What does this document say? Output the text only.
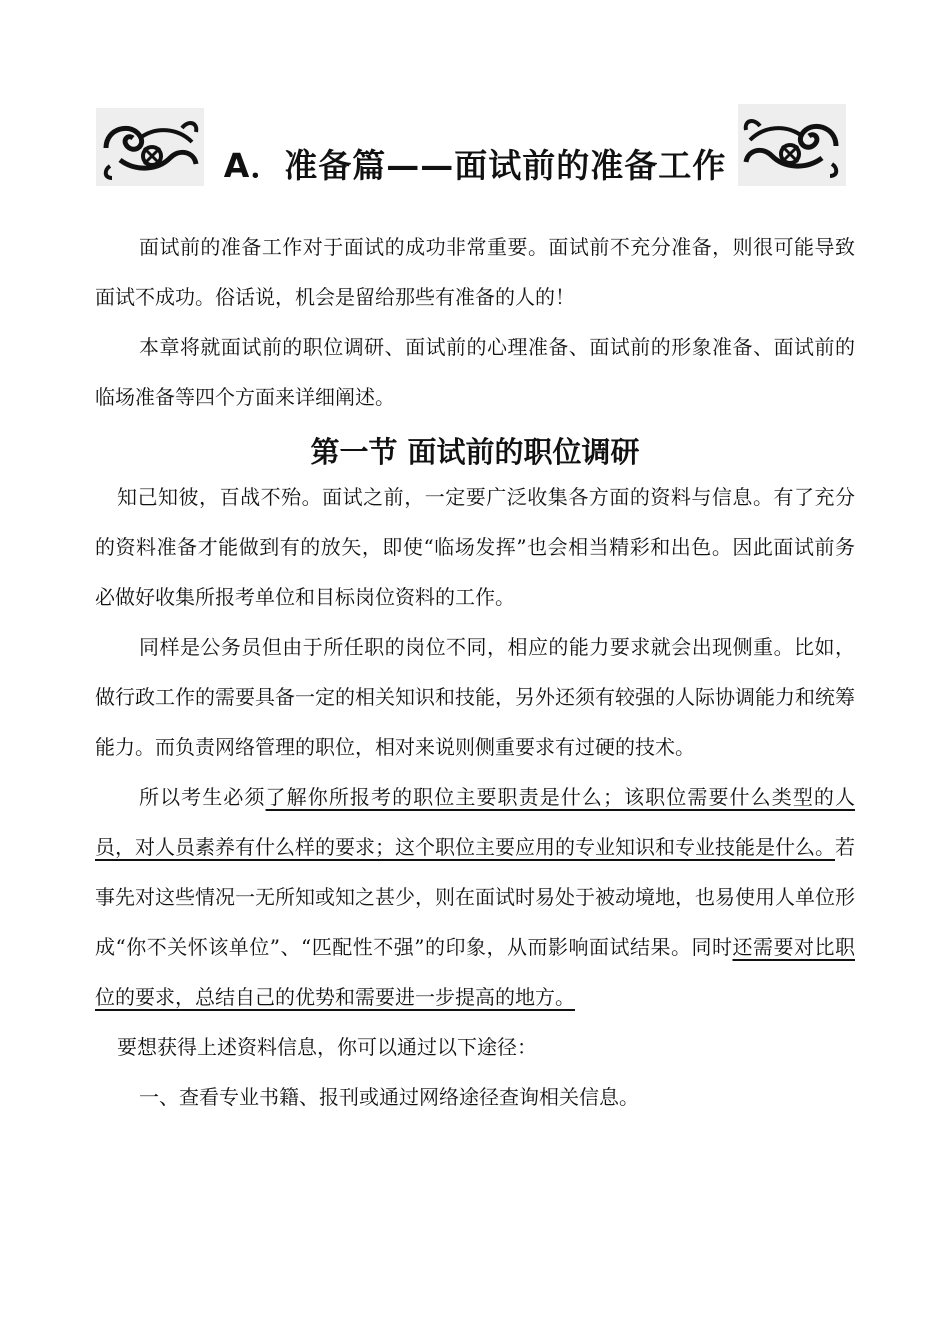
A．准备篇——面试前的准备工作

面试前的准备工作对于面试的成功非常重要。面试前不充分准备，则很可能导致面试不成功。俗话说，机会是留给那些有准备的人的！

本章将就面试前的职位调研、面试前的心理准备、面试前的形象准备、面试前的临场准备等四个方面来详细阐述。

第一节 面试前的职位调研

知己知彼，百战不殆。面试之前，一定要广泛收集各方面的资料与信息。有了充分的资料准备才能做到有的放矢，即使“临场发挥”也会相当精彩和出色。因此面试前务必做好收集所报考单位和目标岗位资料的工作。

同样是公务员但由于所任职的岗位不同，相应的能力要求就会出现侧重。比如，做行政工作的需要具备一定的相关知识和技能，另外还须有较强的人际协调能力和统筹能力。而负责网络管理的职位，相对来说则侧重要求有过硬的技术。

所以考生必须了解你所报考的职位主要职责是什么；该职位需要什么类型的人员，对人员素养有什么样的要求；这个职位主要应用的专业知识和专业技能是什么。若事先对这些情况一无所知或知之甚少，则在面试时易处于被动境地，也易使用人单位形成“你不关怀该单位”、“匹配性不强”的印象，从而影响面试结果。同时还需要对比职位的要求，总结自己的优势和需要进一步提高的地方。

要想获得上述资料信息，你可以通过以下途径：

一、查看专业书籍、报刊或通过网络途径查询相关信息。
